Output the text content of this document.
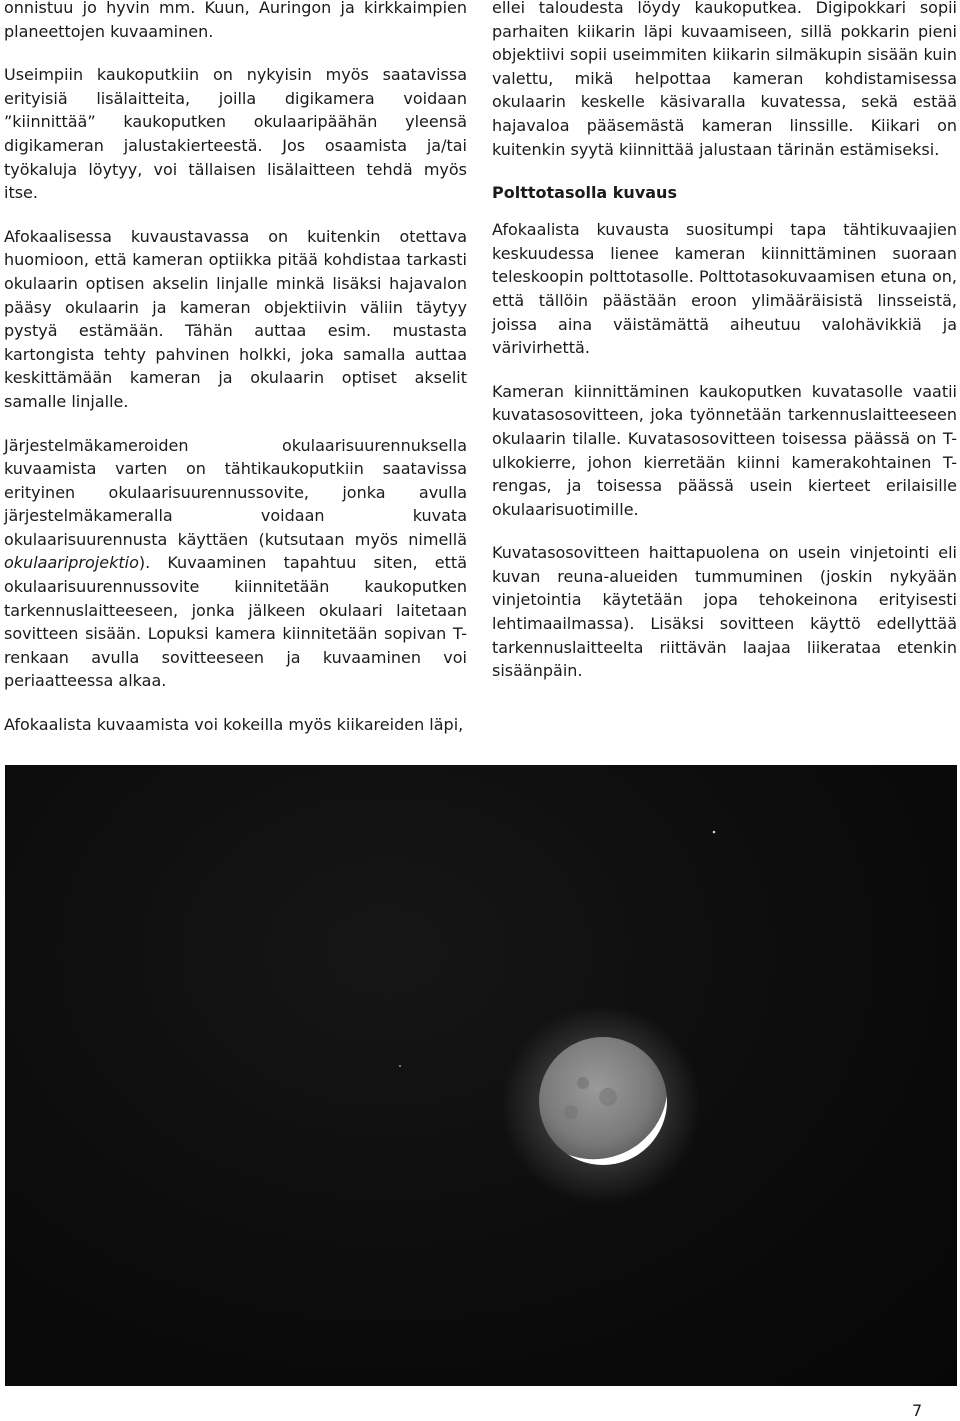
onnistuu jo hyvin mm. Kuun, Auringon ja kirkkaimpien planeettojen kuvaaminen.

Useimpiin kaukoputkiin on nykyisin myös saatavissa erityisiä lisälaitteita, joilla digikamera voidaan ”kiinnittää” kaukoputken okulaaripäähän yleensä digikameran jalustakierteestä. Jos osaamista ja/tai työkaluja löytyy, voi tällaisen lisälaitteen tehdä myös itse.

Afokaalisessa kuvaustavassa on kuitenkin otettava huomioon, että kameran optiikka pitää kohdistaa tarkasti okulaarin optisen akselin linjalle minkä lisäksi hajavalon pääsy okulaarin ja kameran objektiivin väliin täytyy pystyä estämään. Tähän auttaa esim. mustasta kartongista tehty pahvinen holkki, joka samalla auttaa keskittämään kameran ja okulaarin optiset akselit samalle linjalle.

Järjestelmäkameroiden okulaarisuurennuksella kuvaamista varten on tähtikaukoputkiin saatavissa erityinen okulaarisuurennussovite, jonka avulla järjestelmäkameralla voidaan kuvata okulaarisuurennusta käyttäen (kutsutaan myös nimellä okulaariprojektio). Kuvaaminen tapahtuu siten, että okulaarisuurennussovite kiinnitetään kaukoputken tarkennuslaitteeseen, jonka jälkeen okulaari laitetaan sovitteen sisään. Lopuksi kamera kiinnitetään sopivan T-renkaan avulla sovitteeseen ja kuvaaminen voi periaatteessa alkaa.

Afokaalista kuvaamista voi kokeilla myös kiikareiden läpi,

ellei taloudesta löydy kaukoputkea. Digipokkari sopii parhaiten kiikarin läpi kuvaamiseen, sillä pokkarin pieni objektiivi sopii useimmiten kiikarin silmäkupin sisään kuin valettu, mikä helpottaa kameran kohdistamisessa okulaarin keskelle käsivaralla kuvatessa, sekä estää hajavaloa pääsemästä kameran linssille. Kiikari on kuitenkin syytä kiinnittää jalustaan tärinän estämiseksi.

Polttotasolla kuvaus

Afokaalista kuvausta suositumpi tapa tähtikuvaajien keskuudessa lienee kameran kiinnittäminen suoraan teleskoopin polttotasolle. Polttotasokuvaamisen etuna on, että tällöin päästään eroon ylimääräisistä linsseistä, joissa aina väistämättä aiheutuu valohävikkiä ja värivirhettä.

Kameran kiinnittäminen kaukoputken kuvatasolle vaatii kuvatasosovitteen, joka työnnetään tarkennuslaitteeseen okulaarin tilalle. Kuvatasosovitteen toisessa päässä on T-ulkokierre, johon kierretään kiinni kamerakohtainen T-rengas, ja toisessa päässä usein kierteet erilaisille okulaarisuotimille.

Kuvatasosovitteen haittapuolena on usein vinjetointi eli kuvan reuna-alueiden tummuminen (joskin nykyään vinjetointia käytetään jopa tehokeinona erityisesti lehtimaailmassa). Lisäksi sovitteen käyttö edellyttää tarkennuslaitteelta riittävän laajaa liikerataa etenkin sisäänpäin.

7
